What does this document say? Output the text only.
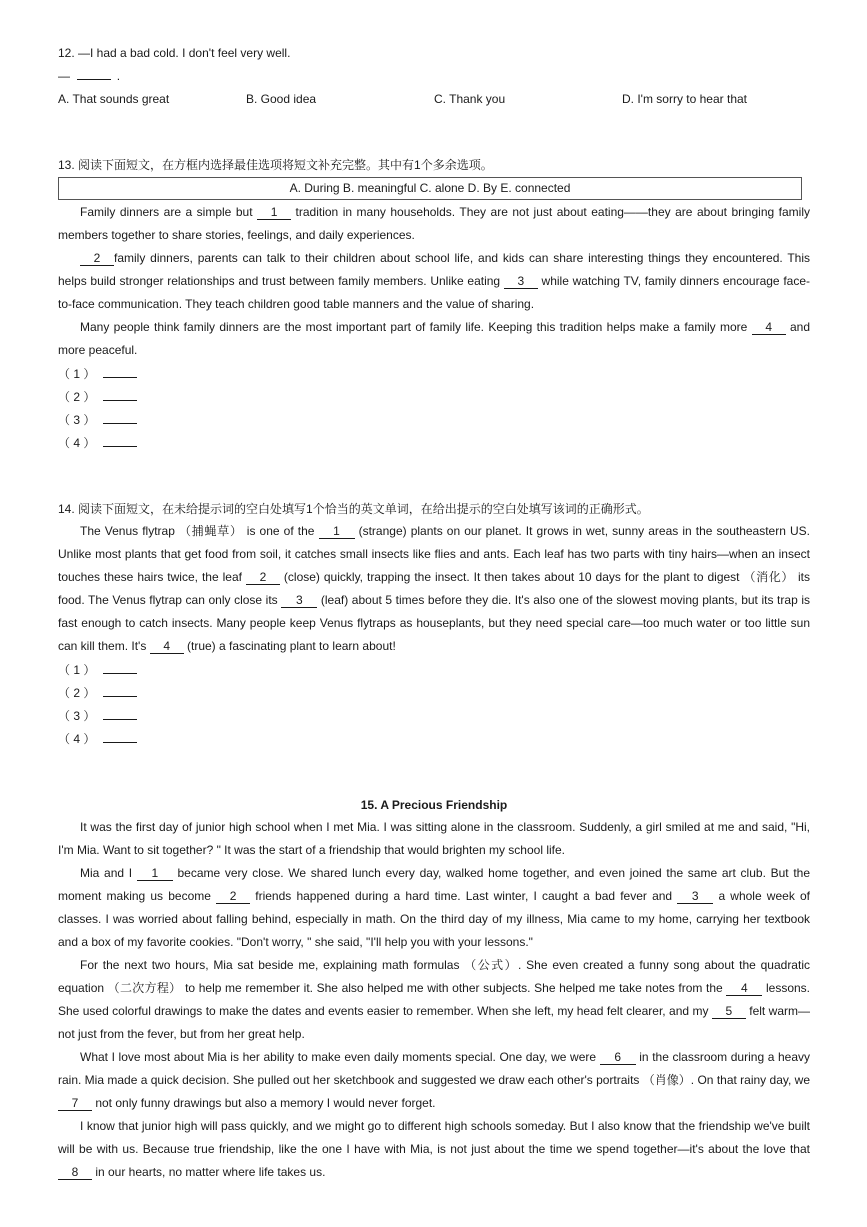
12. —I had a bad cold. I don't feel very well.
—	.
A. That sounds great	B. Good idea	C. Thank you	D. I'm sorry to hear that
13. 阅读下面短文，在方框内选择最佳选项将短文补充完整。其中有1个多余选项。
A. During B. meaningful C. alone D. By E. connected
Family dinners are a simple but 1 tradition in many households. They are not just about eating——they are about bringing family members together to share stories, feelings, and daily experiences.
2 family dinners, parents can talk to their children about school life, and kids can share interesting things they encountered. This helps build stronger relationships and trust between family members. Unlike eating 3 while watching TV, family dinners encourage face-to-face communication. They teach children good table manners and the value of sharing.
Many people think family dinners are the most important part of family life. Keeping this tradition helps make a family more 4 and more peaceful.
（ 1 ）
（ 2 ）
（ 3 ）
（ 4 ）
14. 阅读下面短文，在未给提示词的空白处填写1个恰当的英文单词，在给出提示的空白处填写该词的正确形式。
The Venus flytrap （捕蝇草） is one of the 1 (strange) plants on our planet. It grows in wet, sunny areas in the southeastern US. Unlike most plants that get food from soil, it catches small insects like flies and ants. Each leaf has two parts with tiny hairs—when an insect touches these hairs twice, the leaf 2 (close) quickly, trapping the insect. It then takes about 10 days for the plant to digest （消化） its food. The Venus flytrap can only close its 3 (leaf) about 5 times before they die. It's also one of the slowest moving plants, but its trap is fast enough to catch insects. Many people keep Venus flytraps as houseplants, but they need special care—too much water or too little sun can kill them. It's 4 (true) a fascinating plant to learn about!
（ 1 ）
（ 2 ）
（ 3 ）
（ 4 ）
15. A Precious Friendship
It was the first day of junior high school when I met Mia. I was sitting alone in the classroom. Suddenly, a girl smiled at me and said, "Hi, I'm Mia. Want to sit together? " It was the start of a friendship that would brighten my school life.
Mia and I 1 became very close. We shared lunch every day, walked home together, and even joined the same art club. But the moment making us become 2 friends happened during a hard time. Last winter, I caught a bad fever and 3 a whole week of classes. I was worried about falling behind, especially in math. On the third day of my illness, Mia came to my home, carrying her textbook and a box of my favorite cookies. "Don't worry, " she said, "I'll help you with your lessons."
For the next two hours, Mia sat beside me, explaining math formulas （公式）. She even created a funny song about the quadratic equation （二次方程） to help me remember it. She also helped me with other subjects. She helped me take notes from the 4 lessons. She used colorful drawings to make the dates and events easier to remember. When she left, my head felt clearer, and my 5 felt warm—not just from the fever, but from her great help.
What I love most about Mia is her ability to make even daily moments special. One day, we were 6 in the classroom during a heavy rain. Mia made a quick decision. She pulled out her sketchbook and suggested we draw each other's portraits （肖像）. On that rainy day, we 7 not only funny drawings but also a memory I would never forget.
I know that junior high will pass quickly, and we might go to different high schools someday. But I also know that the friendship we've built will be with us. Because true friendship, like the one I have with Mia, is not just about the time we spend together—it's about the love that 8 in our hearts, no matter where life takes us.
